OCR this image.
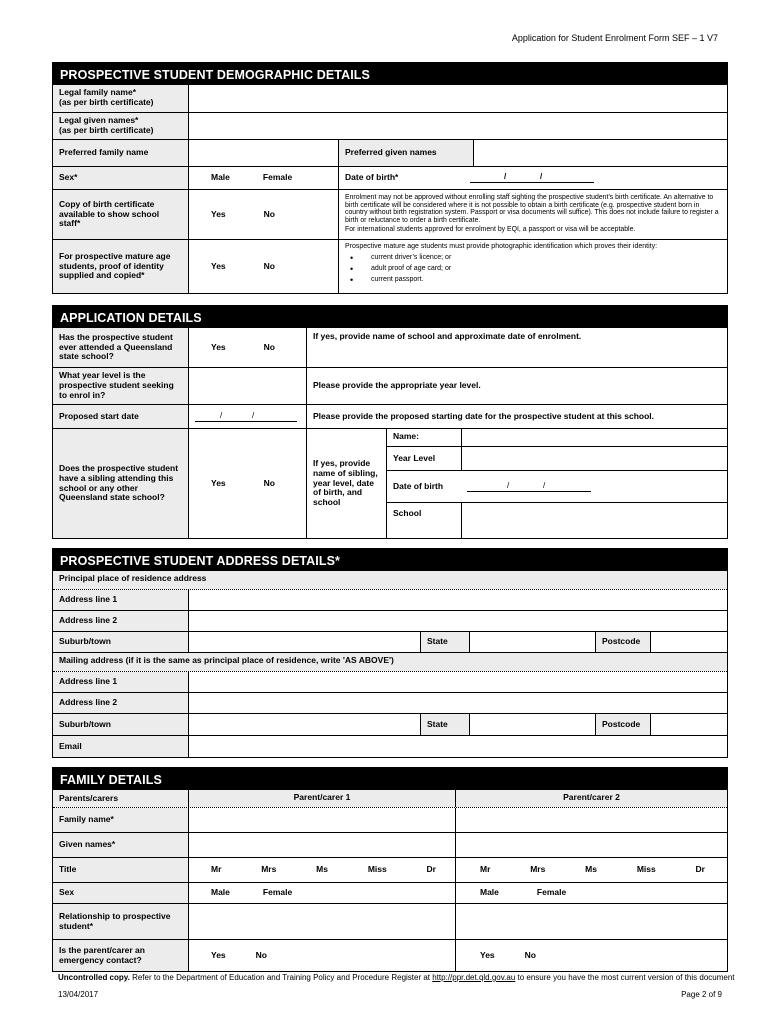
Application for Student Enrolment Form SEF – 1 V7
PROSPECTIVE STUDENT DEMOGRAPHIC DETAILS
Legal family name*
(as per birth certificate)
Legal given names*
(as per birth certificate)
Preferred family name	Preferred given names
Sex*	Male	Female	Date of birth*	/	/
Copy of birth certificate available to show school staff*
Yes	No
Enrolment may not be approved without enrolling staff sighting the prospective student’s birth certificate. An alternative to birth certificate will be considered where it is not possible to obtain a birth certificate (e.g. prospective student born in country without birth registration system. Passport or visa documents will suffice). This does not include failure to register a birth or reluctance to order a birth certificate.
For international students approved for enrolment by EQI, a passport or visa will be acceptable.
For prospective mature age students, proof of identity supplied and copied*
Yes	No
Prospective mature age students must provide photographic identification which proves their identity:
• current driver’s licence; or
• adult proof of age card; or
• current passport.
APPLICATION DETAILS
Has the prospective student ever attended a Queensland state school?
Yes	No
If yes, provide name of school and approximate date of enrolment.
What year level is the prospective student seeking to enrol in?
Please provide the appropriate year level.
Proposed start date	/	/	Please provide the proposed starting date for the prospective student at this school.
Does the prospective student have a sibling attending this school or any other Queensland state school?
Yes	No
If yes, provide name of sibling, year level, date of birth, and school
Name:
Year Level
Date of birth	/	/
School
PROSPECTIVE STUDENT ADDRESS DETAILS*
Principal place of residence address
Address line 1
Address line 2
Suburb/town	State	Postcode
Mailing address (if it is the same as principal place of residence, write 'AS ABOVE')
Address line 1
Address line 2
Suburb/town	State	Postcode
Email
FAMILY DETAILS
Parents/carers	Parent/carer 1	Parent/carer 2
Family name*
Given names*
Title	Mr	Mrs	Ms	Miss	Dr	Mr	Mrs	Ms	Miss	Dr
Sex	Male	Female	Male	Female
Relationship to prospective student*
Is the parent/carer an emergency contact?	Yes	No	Yes	No
Uncontrolled copy. Refer to the Department of Education and Training Policy and Procedure Register at http://ppr.det.qld.gov.au to ensure you have the most current version of this document
13/04/2017	Page 2 of 9
